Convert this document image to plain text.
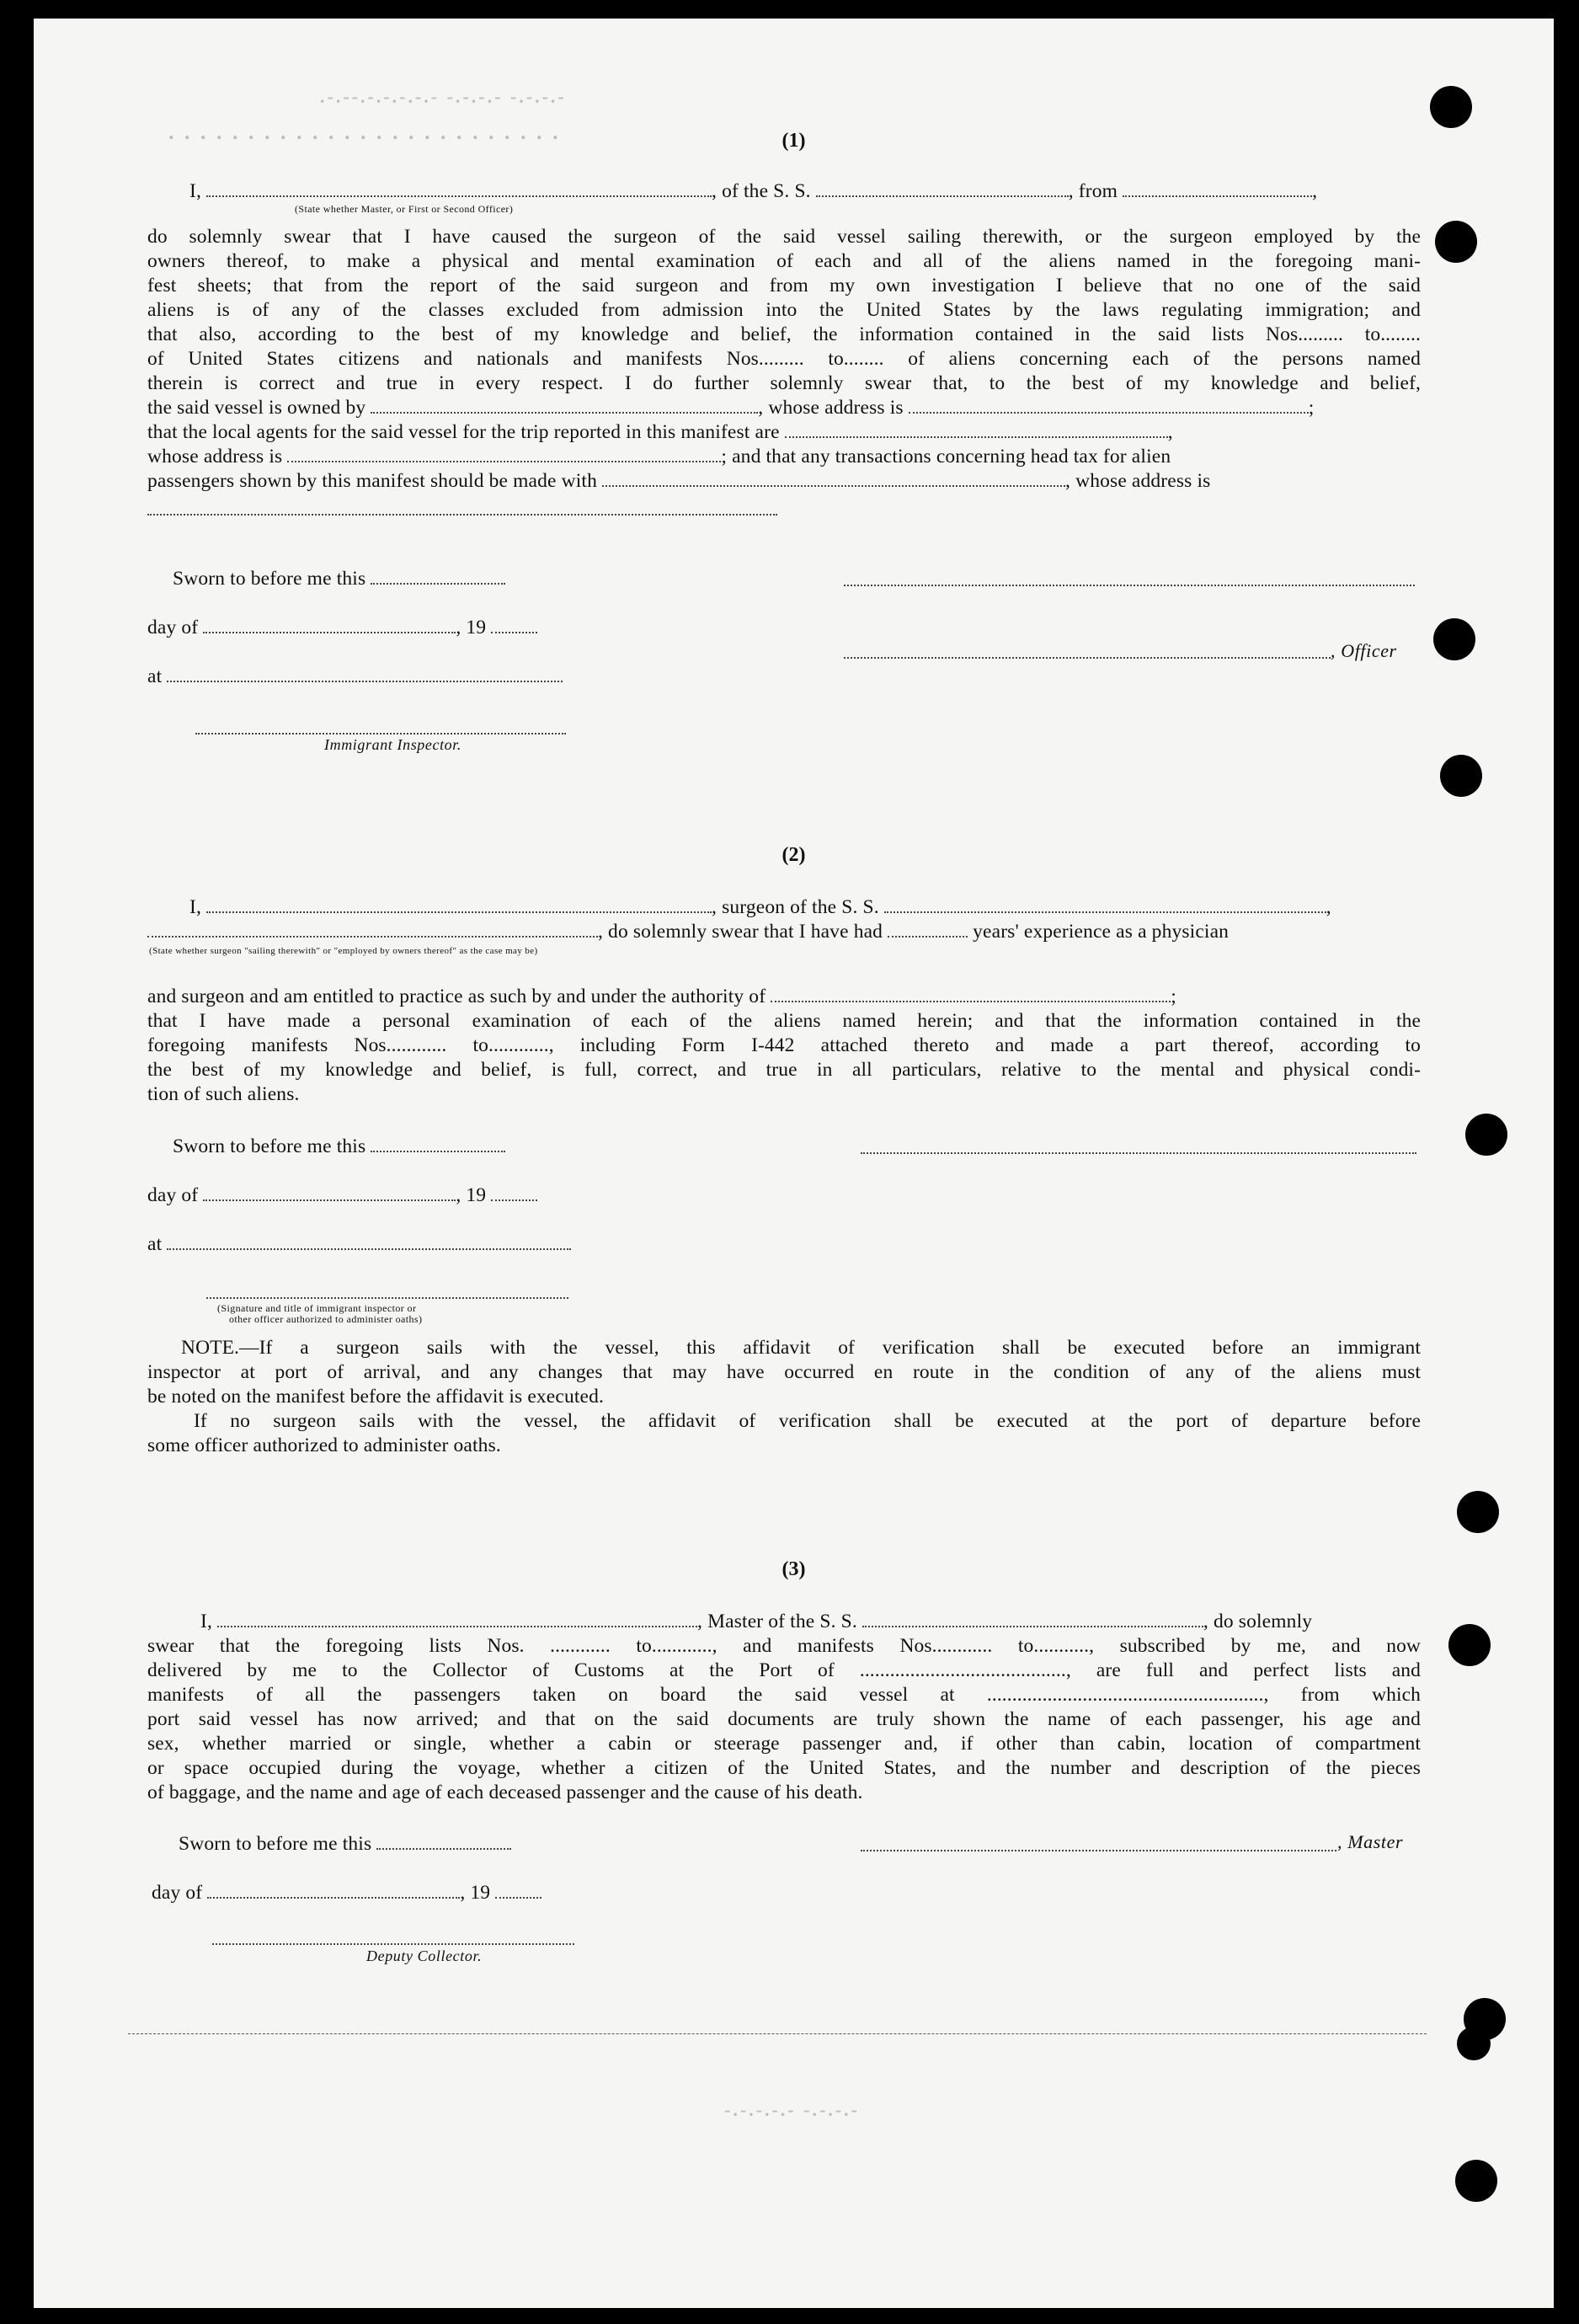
.-.--.-.-.-.-.- -.-.-.- -.-.-.-
. . . . . . . . . . . . . . . . . . . . . . . . .	(1)
I,	, of the S. S.	, from	,
(State whether Master, or First or Second Officer)
do solemnly swear that I have caused the surgeon of the said vessel sailing therewith, or the surgeon employed by the
owners thereof, to make a physical and mental examination of each and all of the aliens named in the foregoing mani-
fest sheets; that from the report of the said surgeon and from my own investigation I believe that no one of the said
aliens is of any of the classes excluded from admission into the United States by the laws regulating immigration; and
that also, according to the best of my knowledge and belief, the information contained in the said lists Nos......... to........
of United States citizens and nationals and manifests Nos......... to........ of aliens concerning each of the persons named
therein is correct and true in every respect. I do further solemnly swear that, to the best of my knowledge and belief,
the said vessel is owned by	, whose address is	;
that the local agents for the said vessel for the trip reported in this manifest are	,
whose address is	; and that any transactions concerning head tax for alien
passengers shown by this manifest should be made with	, whose address is
Sworn to before me this
day of	, 19
, Officer
at
Immigrant Inspector.
(2)
I,	, surgeon of the S. S.	,
, do solemnly swear that I have had	years' experience as a physician
(State whether surgeon "sailing therewith" or "employed by owners thereof" as the case may be)
and surgeon and am entitled to practice as such by and under the authority of	;
that I have made a personal examination of each of the aliens named herein; and that the information contained in the
foregoing manifests Nos............ to............, including Form I-442 attached thereto and made a part thereof, according to
the best of my knowledge and belief, is full, correct, and true in all particulars, relative to the mental and physical condi-
tion of such aliens.
Sworn to before me this
day of	, 19
at
(Signature and title of immigrant inspector or
other officer authorized to administer oaths)
NOTE.—If a surgeon sails with the vessel, this affidavit of verification shall be executed before an immigrant
inspector at port of arrival, and any changes that may have occurred en route in the condition of any of the aliens must
be noted on the manifest before the affidavit is executed.
If no surgeon sails with the vessel, the affidavit of verification shall be executed at the port of departure before
some officer authorized to administer oaths.
(3)
I,	, Master of the S. S.	, do solemnly
swear that the foregoing lists Nos. ............ to............, and manifests Nos............ to..........., subscribed by me, and now
delivered by me to the Collector of Customs at the Port of ........................................., are full and perfect lists and
manifests of all the passengers taken on board the said vessel at ......................................................., from which
port said vessel has now arrived; and that on the said documents are truly shown the name of each passenger, his age and
sex, whether married or single, whether a cabin or steerage passenger and, if other than cabin, location of compartment
or space occupied during the voyage, whether a citizen of the United States, and the number and description of the pieces
of baggage, and the name and age of each deceased passenger and the cause of his death.
Sworn to before me this	, Master
day of	, 19
Deputy Collector.
-.-.-.-.- -.-.-.-
